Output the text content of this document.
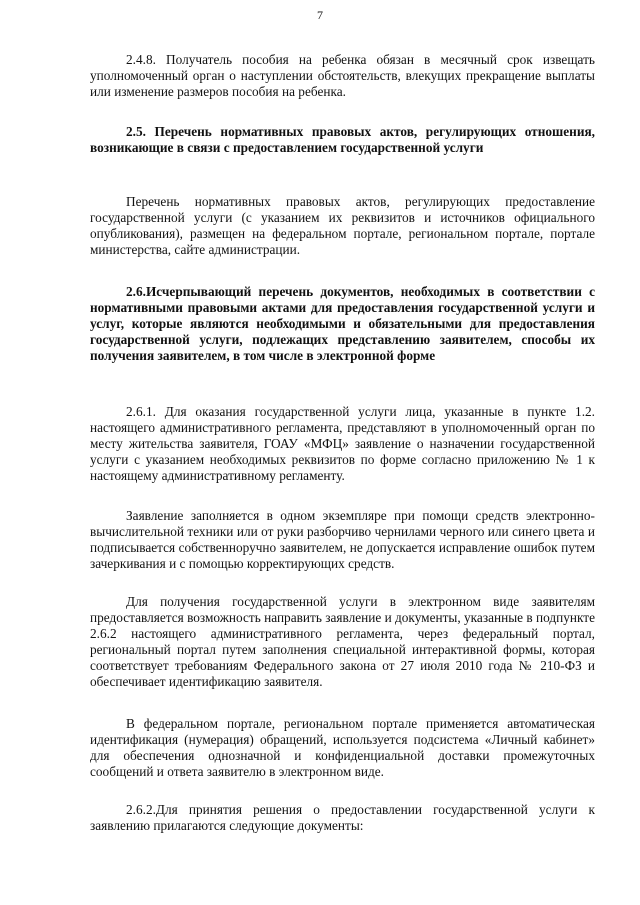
7
2.4.8. Получатель пособия на ребенка обязан в месячный срок извещать уполномоченный орган о наступлении обстоятельств, влекущих прекращение выплаты или изменение размеров пособия на ребенка.
2.5. Перечень нормативных правовых актов, регулирующих отношения, возникающие в связи с предоставлением государственной услуги
Перечень нормативных правовых актов, регулирующих предоставление государственной услуги (с указанием их реквизитов и источников официального опубликования), размещен на федеральном портале, региональном портале, портале министерства, сайте администрации.
2.6.Исчерпывающий перечень документов, необходимых в соответствии с нормативными правовыми актами для предоставления государственной услуги и услуг, которые являются необходимыми и обязательными для предоставления государственной услуги, подлежащих представлению заявителем, способы их получения заявителем, в том числе в электронной форме
2.6.1. Для оказания государственной услуги лица, указанные в пункте 1.2. настоящего административного регламента, представляют в уполномоченный орган по месту жительства заявителя, ГОАУ «МФЦ» заявление о назначении государственной услуги с указанием необходимых реквизитов по форме согласно приложению № 1 к настоящему административному регламенту.
Заявление заполняется в одном экземпляре при помощи средств электронно-вычислительной техники или от руки разборчиво чернилами черного или синего цвета и подписывается собственноручно заявителем, не допускается исправление ошибок путем зачеркивания и с помощью корректирующих средств.
Для получения государственной услуги в электронном виде заявителям предоставляется возможность направить заявление и документы, указанные в подпункте 2.6.2 настоящего административного регламента, через федеральный портал, региональный портал путем заполнения специальной интерактивной формы, которая соответствует требованиям Федерального закона от 27 июля 2010 года № 210-ФЗ и обеспечивает идентификацию заявителя.
В федеральном портале, региональном портале применяется автоматическая идентификация (нумерация) обращений, используется подсистема «Личный кабинет» для обеспечения однозначной и конфиденциальной доставки промежуточных сообщений и ответа заявителю в электронном виде.
2.6.2.Для принятия решения о предоставлении государственной услуги к заявлению прилагаются следующие документы:
